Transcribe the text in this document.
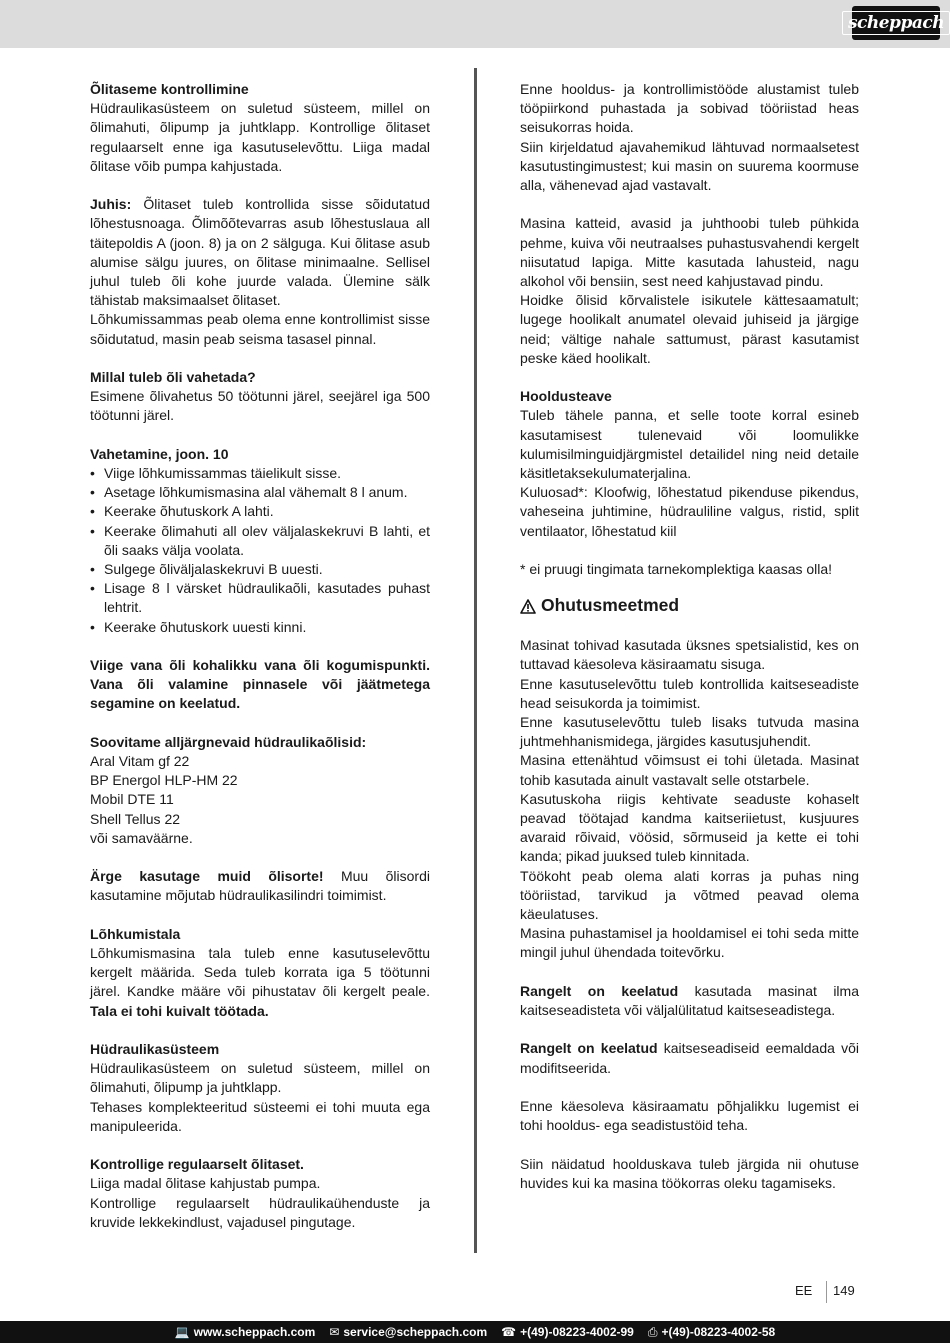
scheppach

Õlitaseme kontrollimine

Hüdraulikasüsteem on suletud süsteem, millel on õlimahuti, õlipump ja juhtklapp. Kontrollige õlitaset regulaarselt enne iga kasutuselevõttu. Liiga madal õlitase võib pumpa kahjustada.

Juhis: Õlitaset tuleb kontrollida sisse sõidutatud lõhestusnoaga. Õlimõõtevarras asub lõhestuslaua all täitepoldis A (joon. 8) ja on 2 sälguga. Kui õlitase asub alumise sälgu juures, on õlitase minimaalne. Sellisel juhul tuleb õli kohe juurde valada. Ülemine sälk tähistab maksimaalset õlitaset.

Lõhkumissammas peab olema enne kontrollimist sisse sõidutatud, masin peab seisma tasasel pinnal.

Millal tuleb õli vahetada?

Esimene õlivahetus 50 töötunni järel, seejärel iga 500 töötunni järel.

Vahetamine, joon. 10

• Viige lõhkumissammas täielikult sisse.
• Asetage lõhkumismasina alal vähemalt 8 l anum.
• Keerake õhutuskork A lahti.
• Keerake õlimahuti all olev väljalaskekruvi B lahti, et õli saaks välja voolata.
• Sulgege õliväljalaskekruvi B uuesti.
• Lisage 8 l värsket hüdraulikaõli, kasutades puhast lehtrit.
• Keerake õhutuskork uuesti kinni.

Viige vana õli kohalikku vana õli kogumispunkti. Vana õli valamine pinnasele või jäätmetega segamine on keelatud.

Soovitame alljärgnevaid hüdraulikaõlisid:

Aral Vitam gf 22

BP Energol HLP-HM 22

Mobil DTE 11

Shell Tellus 22

või samaväärne.

Ärge kasutage muid õlisorte! Muu õlisordi kasutamine mõjutab hüdraulikasilindri toimimist.

Lõhkumistala

Lõhkumismasina tala tuleb enne kasutuselevõttu kergelt määrida. Seda tuleb korrata iga 5 töötunni järel. Kandke määre või pihustatav õli kergelt peale. Tala ei tohi kuivalt töötada.

Hüdraulikasüsteem

Hüdraulikasüsteem on suletud süsteem, millel on õlimahuti, õlipump ja juhtklapp.

Tehases komplekteeritud süsteemi ei tohi muuta ega manipuleerida.

Kontrollige regulaarselt õlitaset.

Liiga madal õlitase kahjustab pumpa.

Kontrollige regulaarselt hüdraulikaühenduste ja kruvide lekkekindlust, vajadusel pingutage.

Enne hooldus- ja kontrollimistööde alustamist tuleb tööpiirkond puhastada ja sobivad tööriistad heas seisukorras hoida.

Siin kirjeldatud ajavahemikud lähtuvad normaalsetest kasutustingimustest; kui masin on suurema koormuse alla, vähenevad ajad vastavalt.

Masina katteid, avasid ja juhthoobi tuleb pühkida pehme, kuiva või neutraalses puhastusvahendi kergelt niisutatud lapiga. Mitte kasutada lahusteid, nagu alkohol või bensiin, sest need kahjustavad pindu.

Hoidke õlisid kõrvalistele isikutele kättesaamatult; lugege hoolikalt anumatel olevaid juhiseid ja järgige neid; vältige nahale sattumust, pärast kasutamist peske käed hoolikalt.

Hooldusteave

Tuleb tähele panna, et selle toote korral esineb kasutamisest tulenevaid või loomulikke kulumisilminguidjärgmistel detailidel ning neid detaile käsitletaksekulumaterjalina.

Kuluosad*: Kloofwig, lõhestatud pikenduse pikendus, vaheseina juhtimine, hüdrauliline valgus, ristid, split ventilaator, lõhestatud kiil

* ei pruugi tingimata tarnekomplektiga kaasas olla!

Ohutusmeetmed

Masinat tohivad kasutada üksnes spetsialistid, kes on tuttavad käesoleva käsiraamatu sisuga.

Enne kasutuselevõttu tuleb kontrollida kaitseseadiste head seisukorda ja toimimist.

Enne kasutuselevõttu tuleb lisaks tutvuda masina juhtmehhanismidega, järgides kasutusjuhendit.

Masina ettenähtud võimsust ei tohi ületada. Masinat tohib kasutada ainult vastavalt selle otstarbele.

Kasutuskoha riigis kehtivate seaduste kohaselt peavad töötajad kandma kaitseriietust, kusjuures avaraid rõivaid, vöösid, sõrmuseid ja kette ei tohi kanda; pikad juuksed tuleb kinnitada.

Töökoht peab olema alati korras ja puhas ning tööriistad, tarvikud ja võtmed peavad olema käeulatuses.

Masina puhastamisel ja hooldamisel ei tohi seda mitte mingil juhul ühendada toitevõrku.

Rangelt on keelatud kasutada masinat ilma kaitseseadisteta või väljalülitatud kaitseseadistega.

Rangelt on keelatud kaitseseadiseid eemaldada või modifitseerida.

Enne käesoleva käsiraamatu põhjalikku lugemist ei tohi hooldus- ega seadistustöid teha.

Siin näidatud hoolduskava tuleb järgida nii ohutuse huvides kui ka masina töökorras oleku tagamiseks.

EE 149
💻 www.scheppach.com ✉ service@scheppach.com ☎ +(49)-08223-4002-99 ⎙ +(49)-08223-4002-58
